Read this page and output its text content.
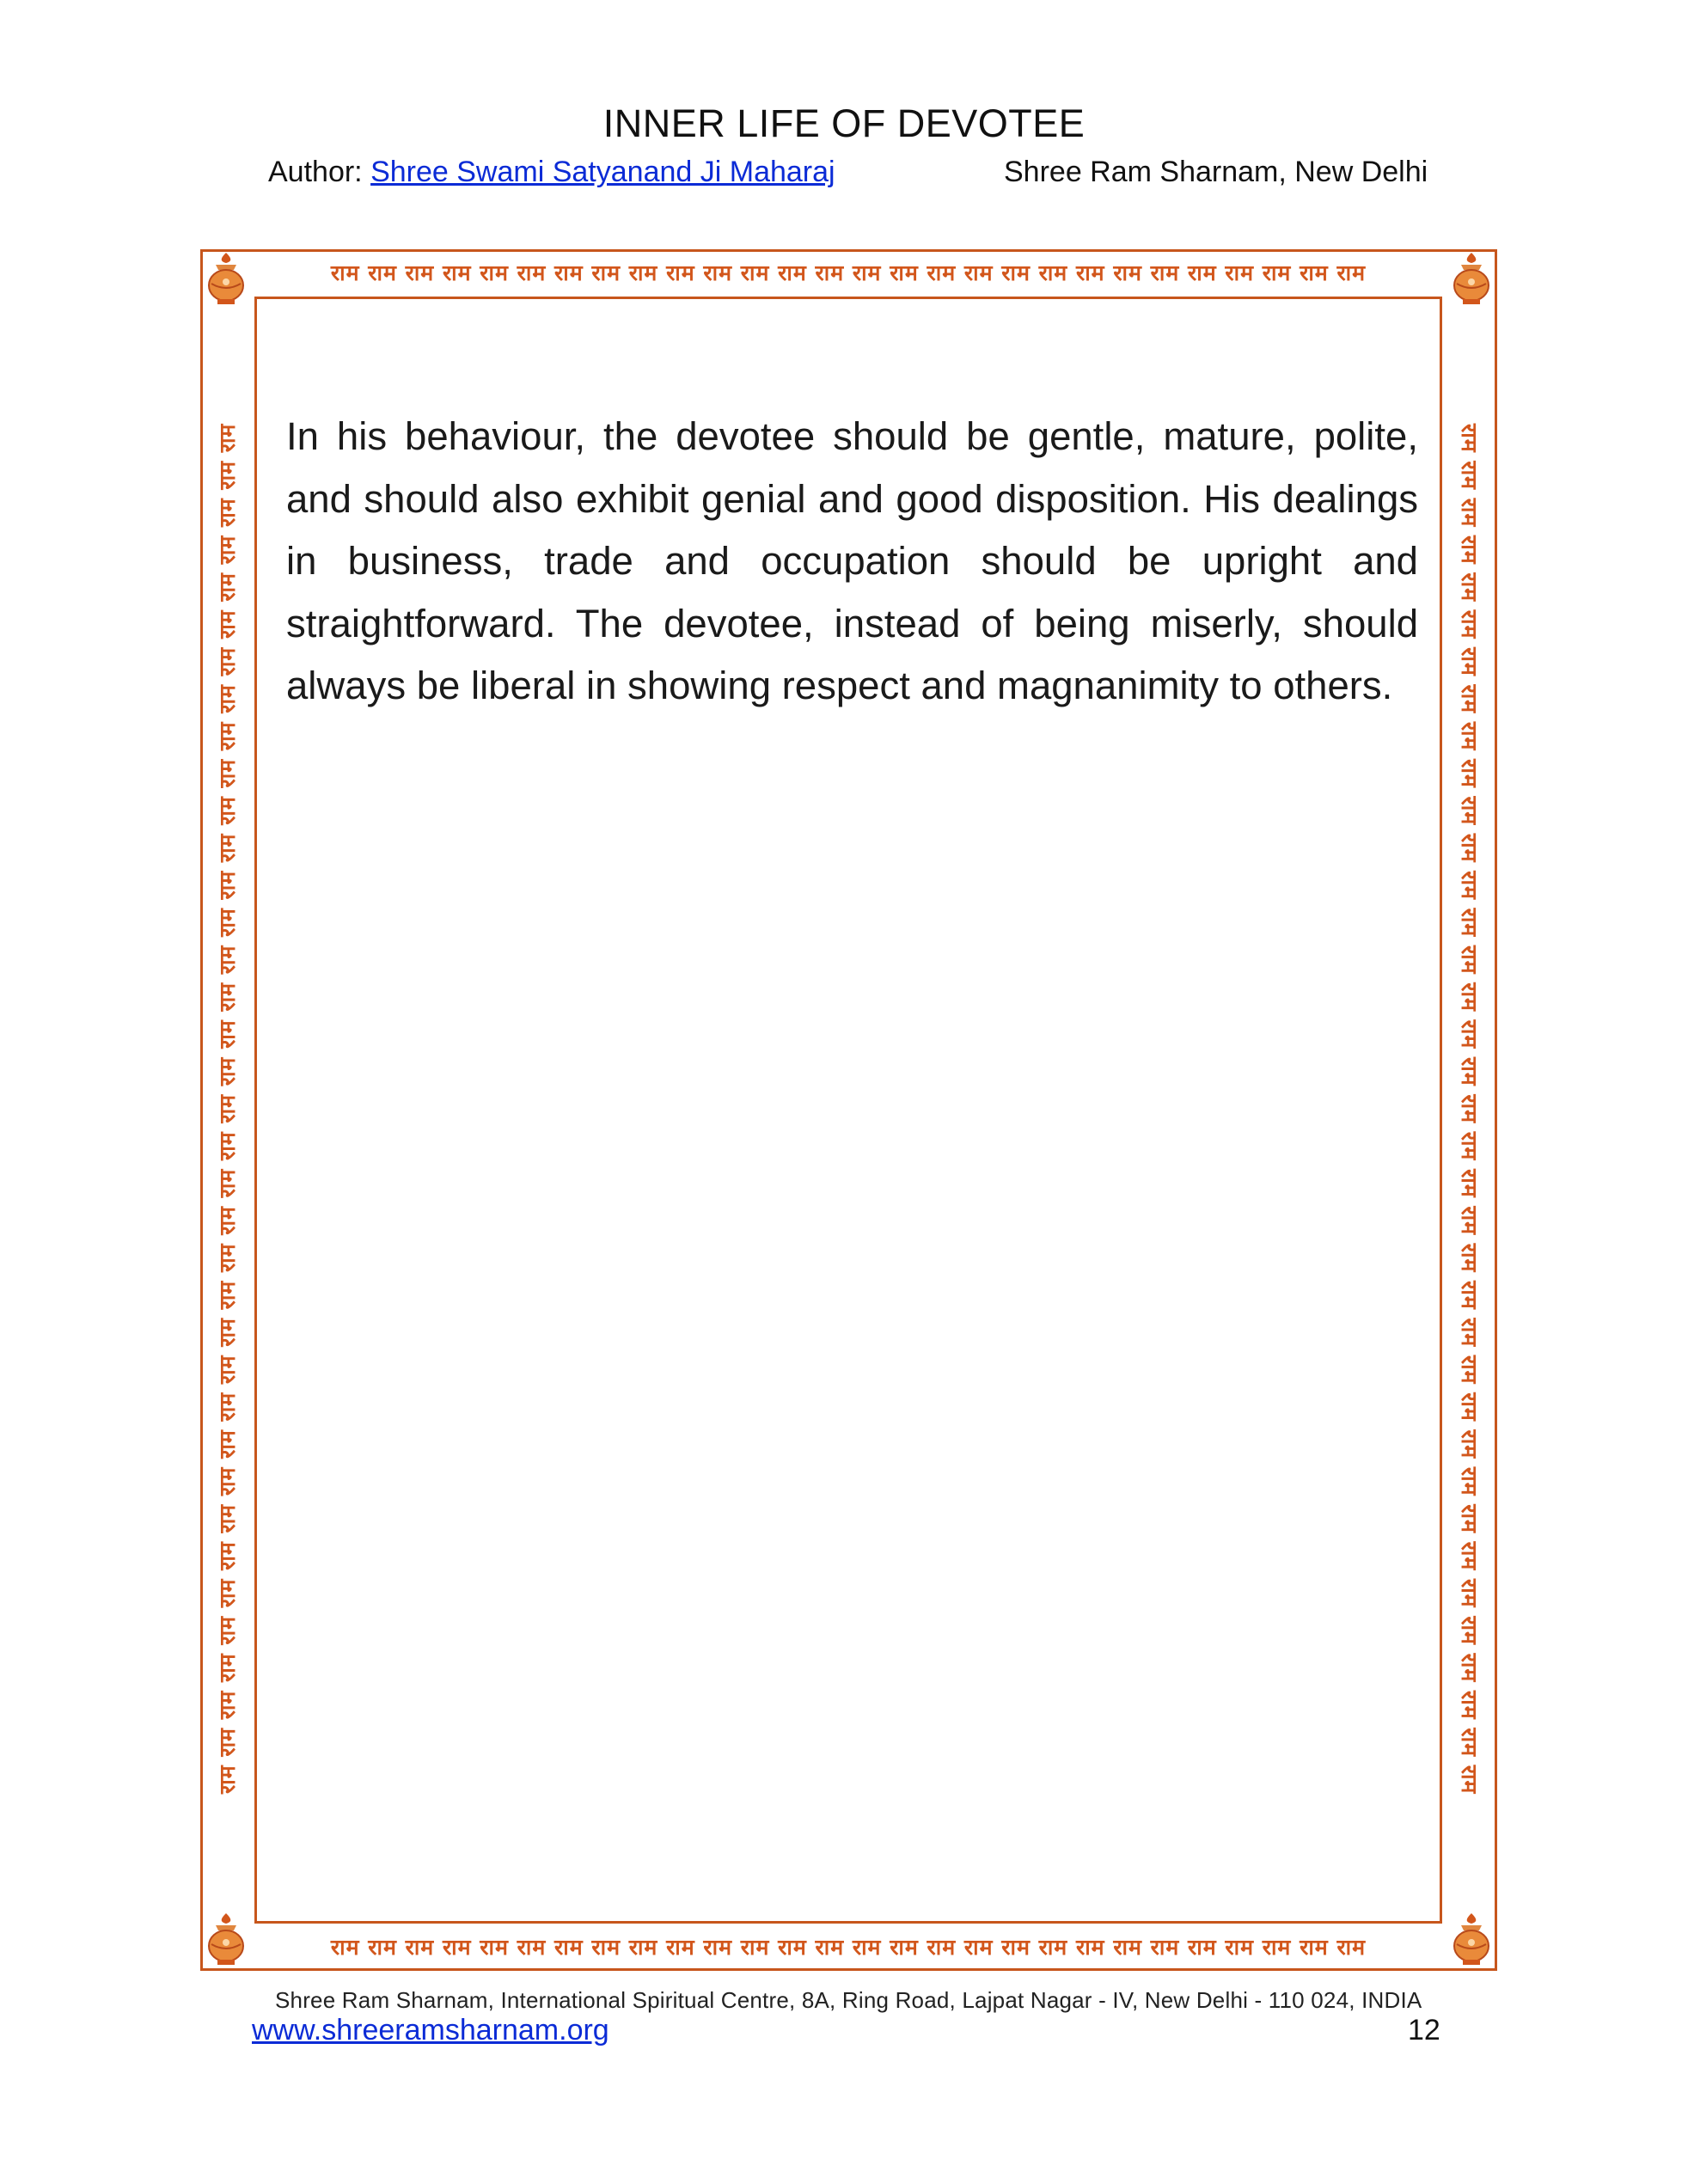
INNER LIFE OF DEVOTEE
Author: Shree Swami Satyanand Ji Maharaj	Shree Ram Sharnam, New Delhi
राम राम राम राम राम राम राम राम राम राम राम राम राम राम राम राम राम राम राम राम राम राम राम राम राम राम राम राम
राम राम राम राम राम राम राम राम राम राम राम राम राम राम राम राम राम राम राम राम राम राम राम राम राम राम राम राम
राम राम राम राम राम राम राम राम राम राम राम राम राम राम राम राम राम राम राम राम राम राम राम राम राम राम राम राम राम राम राम राम राम राम राम राम राम	राम राम राम राम राम राम राम राम राम राम राम राम राम राम राम राम राम राम राम राम राम राम राम राम राम राम राम राम राम राम राम राम राम राम राम राम राम
In his behaviour, the devotee should be gentle, mature, polite, and should also exhibit genial and good disposition. His dealings in business, trade and occupation should be upright and straightforward. The devotee, instead of being miserly, should always be liberal in showing respect and magnanimity to others.
Shree Ram Sharnam, International Spiritual Centre, 8A, Ring Road, Lajpat Nagar - IV, New Delhi - 110 024, INDIA
www.shreeramsharnam.org	12
